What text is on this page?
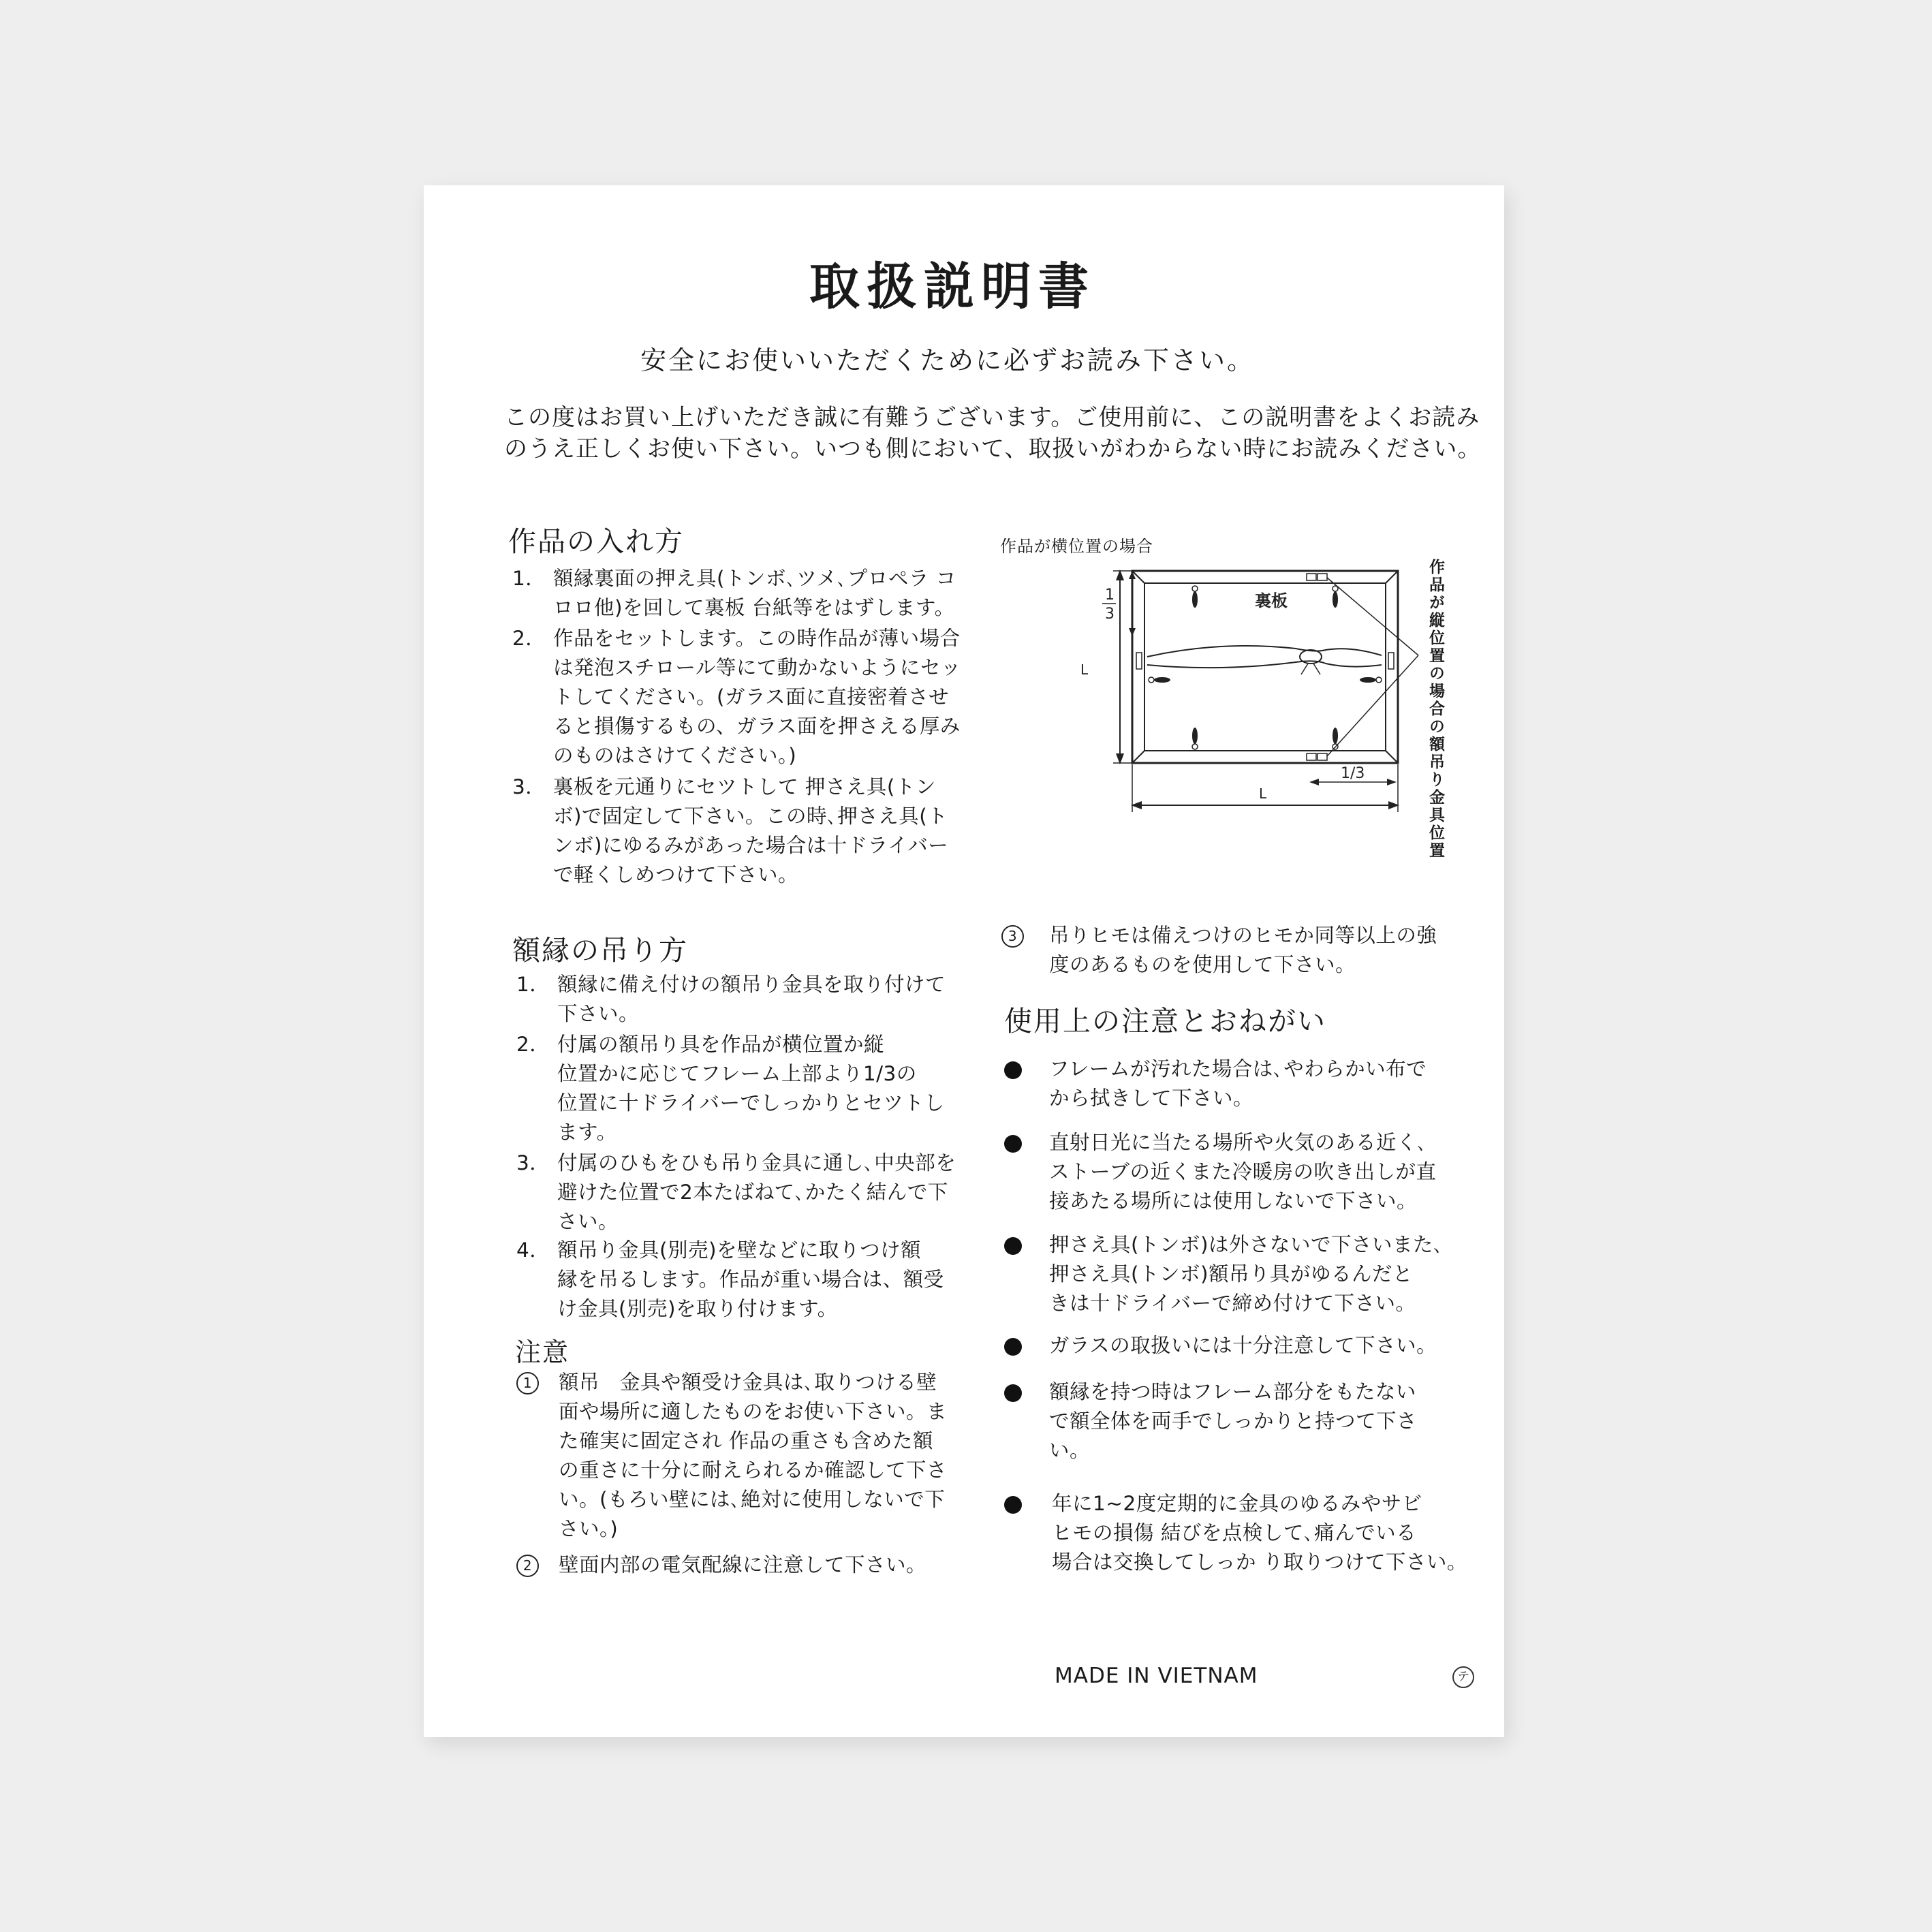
取扱説明書
安全にお使いいただくために必ずお読み下さい。
この度はお買い上げいただき誠に有難うございます。ご使用前に、この説明書をよくお読み
のうえ正しくお使い下さい。いつも側において、取扱いがわからない時にお読みください。
作品の入れ方
1． 額縁裏面の押え具(トンボ､ツメ､プロペラ コ
ロロ他)を回して裏板 台紙等をはずします。
2． 作品をセットします。この時作品が薄い場合
は発泡スチロール等にて動かないようにセッ
トしてください。(ガラス面に直接密着させ
ると損傷するもの、ガラス面を押さえる厚み
のものはさけてください。)
3． 裏板を元通りにセツトして 押さえ具(トン
ボ)で固定して下さい。この時､押さえ具(ト
ンボ)にゆるみがあった場合は十ドライバー
で軽くしめつけて下さい。
作品が横位置の場合
裏板
L
L
1
3
1/3	作品が縦位置の場合の額吊り金具位置
額縁の吊り方
1． 額縁に備え付けの額吊り金具を取り付けて
下さい。
2． 付属の額吊り具を作品が横位置か縦
位置かに応じてフレーム上部より1/3の
位置に十ドライバーでしっかりとセツトし
ます。
3． 付属のひもをひも吊り金具に通し､中央部を
避けた位置で2本たばねて､かたく結んで下
さい。
4． 額吊り金具(別売)を壁などに取りつけ額
縁を吊るします。作品が重い場合は、額受
け金具(別売)を取り付けます。
注意
1	額吊　金具や額受け金具は､取りつける壁
面や場所に適したものをお使い下さい。ま
た確実に固定され 作品の重さも含めた額
の重さに十分に耐えられるか確認して下さ
い。(もろい壁には､絶対に使用しないで下
さい。)
2	壁面内部の電気配線に注意して下さい。
3	吊りヒモは備えつけのヒモか同等以上の強
度のあるものを使用して下さい。
使用上の注意とおねがい
フレームが汚れた場合は､やわらかい布で
から拭きして下さい。
直射日光に当たる場所や火気のある近く､
ストーブの近くまた冷暖房の吹き出しが直
接あたる場所には使用しないで下さい。
押さえ具(トンボ)は外さないで下さいまた､
押さえ具(トンボ)額吊り具がゆるんだと
きは十ドライバーで締め付けて下さい。
ガラスの取扱いには十分注意して下さい。
額縁を持つ時はフレーム部分をもたない
で額全体を両手でしっかりと持つて下さ
い。
年に1~2度定期的に金具のゆるみやサビ
ヒモの損傷 結びを点検して､痛んでいる
場合は交換してしっか り取りつけて下さい。
MADE IN VIETNAM	テ
